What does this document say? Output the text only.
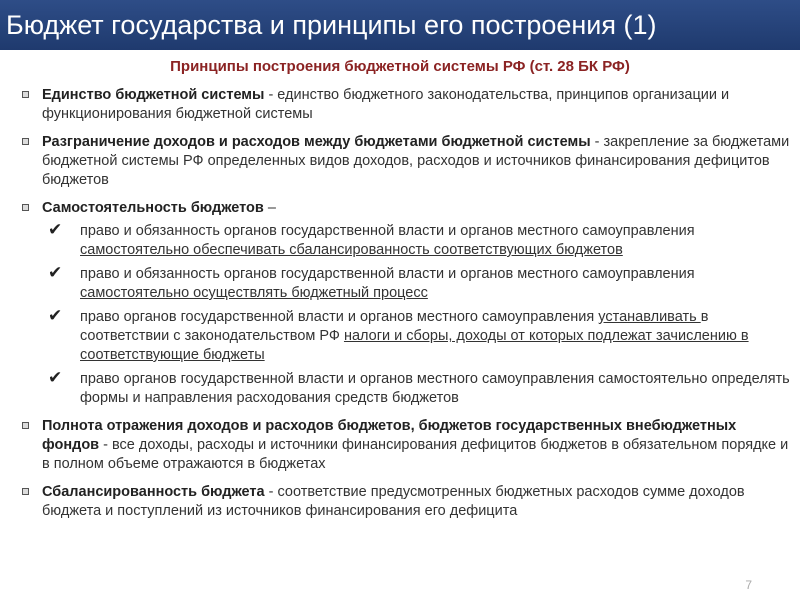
Бюджет государства и принципы его построения (1)
Принципы построения бюджетной системы РФ (ст. 28 БК РФ)
Единство бюджетной системы - единство бюджетного законодательства, принципов организации и функционирования бюджетной системы
Разграничение доходов и расходов между бюджетами бюджетной системы - закрепление за бюджетами бюджетной системы РФ определенных видов доходов, расходов и источников финансирования дефицитов бюджетов
Самостоятельность бюджетов –
✔ право и обязанность органов государственной власти и органов местного самоуправления самостоятельно обеспечивать сбалансированность соответствующих бюджетов
✔ право и обязанность органов государственной власти и органов местного самоуправления самостоятельно осуществлять бюджетный процесс
✔ право органов государственной власти и органов местного самоуправления устанавливать в соответствии с законодательством РФ налоги и сборы, доходы от которых подлежат зачислению в соответствующие бюджеты
✔ право органов государственной власти и органов местного самоуправления самостоятельно определять формы и направления расходования средств бюджетов
Полнота отражения доходов и расходов бюджетов, бюджетов государственных внебюджетных фондов - все доходы, расходы и источники финансирования дефицитов бюджетов в обязательном порядке и в полном объеме отражаются в бюджетах
Сбалансированность бюджета - соответствие предусмотренных бюджетных расходов сумме доходов бюджета и поступлений из источников финансирования его дефицита
7
